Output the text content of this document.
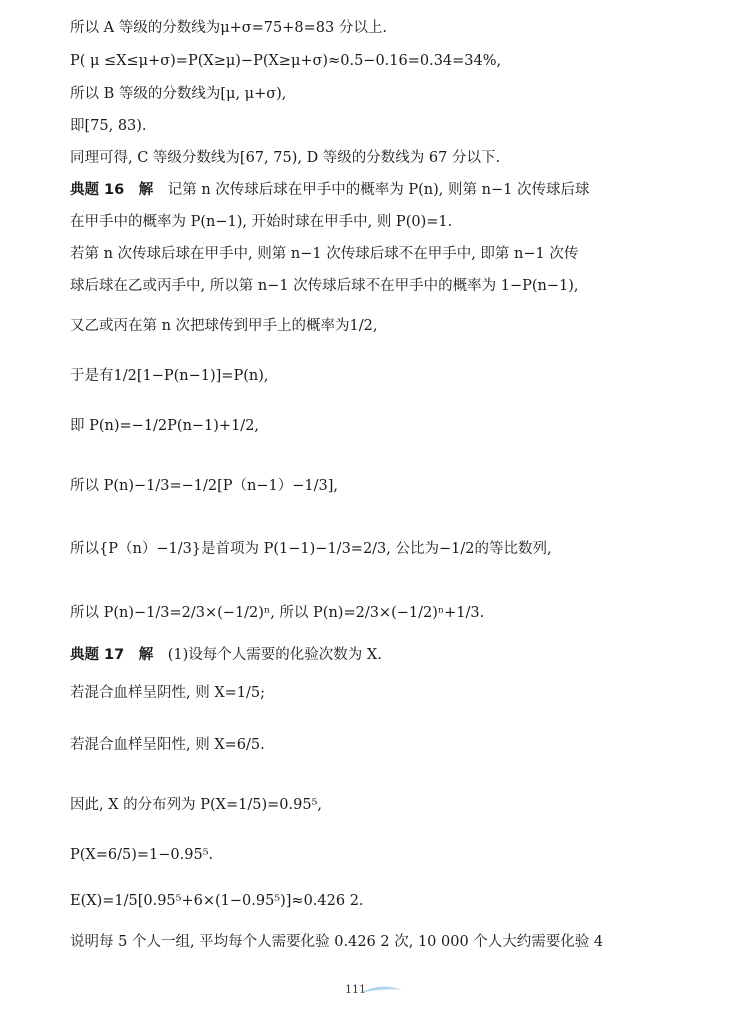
所以 A 等级的分数线为μ+σ=75+8=83 分以上.
P( μ ≤X≤μ+σ)=P(X≥μ)−P(X≥μ+σ)≈0.5−0.16=0.34=34%,
所以 B 等级的分数线为[μ, μ+σ),
即[75, 83).
同理可得, C 等级分数线为[67, 75), D 等级的分数线为 67 分以下.
典题 16　解　记第 n 次传球后球在甲手中的概率为 P(n), 则第 n−1 次传球后球
在甲手中的概率为 P(n−1), 开始时球在甲手中, 则 P(0)=1.
若第 n 次传球后球在甲手中, 则第 n−1 次传球后球不在甲手中, 即第 n−1 次传
球后球在乙或丙手中, 所以第 n−1 次传球后球不在甲手中的概率为 1−P(n−1),
又乙或丙在第 n 次把球传到甲手上的概率为1/2,
于是有1/2[1−P(n−1)]=P(n),
即 P(n)=−1/2P(n−1)+1/2,
所以 P(n)−1/3=−1/2[P（n−1）−1/3],
所以{P（n）−1/3}是首项为 P(1−1)−1/3=2/3, 公比为−1/2的等比数列,
所以 P(n)−1/3=2/3×(−1/2)ⁿ, 所以 P(n)=2/3×(−1/2)ⁿ+1/3.
典题 17　解　(1)设每个人需要的化验次数为 X.
若混合血样呈阴性, 则 X=1/5;
若混合血样呈阳性, 则 X=6/5.
因此, X 的分布列为 P(X=1/5)=0.95⁵,
P(X=6/5)=1−0.95⁵.
E(X)=1/5[0.95⁵+6×(1−0.95⁵)]≈0.426 2.
说明每 5 个人一组, 平均每个人需要化验 0.426 2 次, 10 000 个人大约需要化验 4
111
